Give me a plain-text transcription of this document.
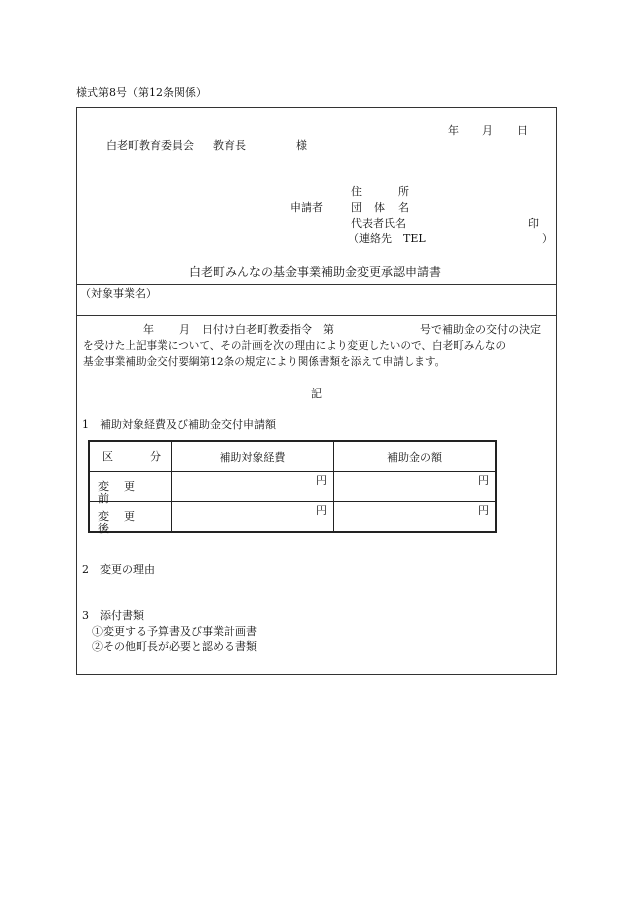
様式第8号（第12条関係）
年 月 日
白老町教育委員会 教育長	様
住	所
申請者	団 体 名
代表者氏名	印
（連絡先　TEL	）
白老町みんなの基金事業補助金変更承認申請書
（対象事業名）
年 月 日付け白老町教委指令　第	号で補助金の交付の決定
を受けた上記事業について、その計画を次の理由により変更したいので、白老町みんなの
基金事業補助金交付要綱第12条の規定により関係書類を添えて申請します。
記
1　補助対象経費及び補助金交付申請額
区 分	補助対象経費	補助金の額

変 更前	円	円

変 更後	円	円
2　変更の理由
3　添付書類
①変更する予算書及び事業計画書
②その他町長が必要と認める書類
